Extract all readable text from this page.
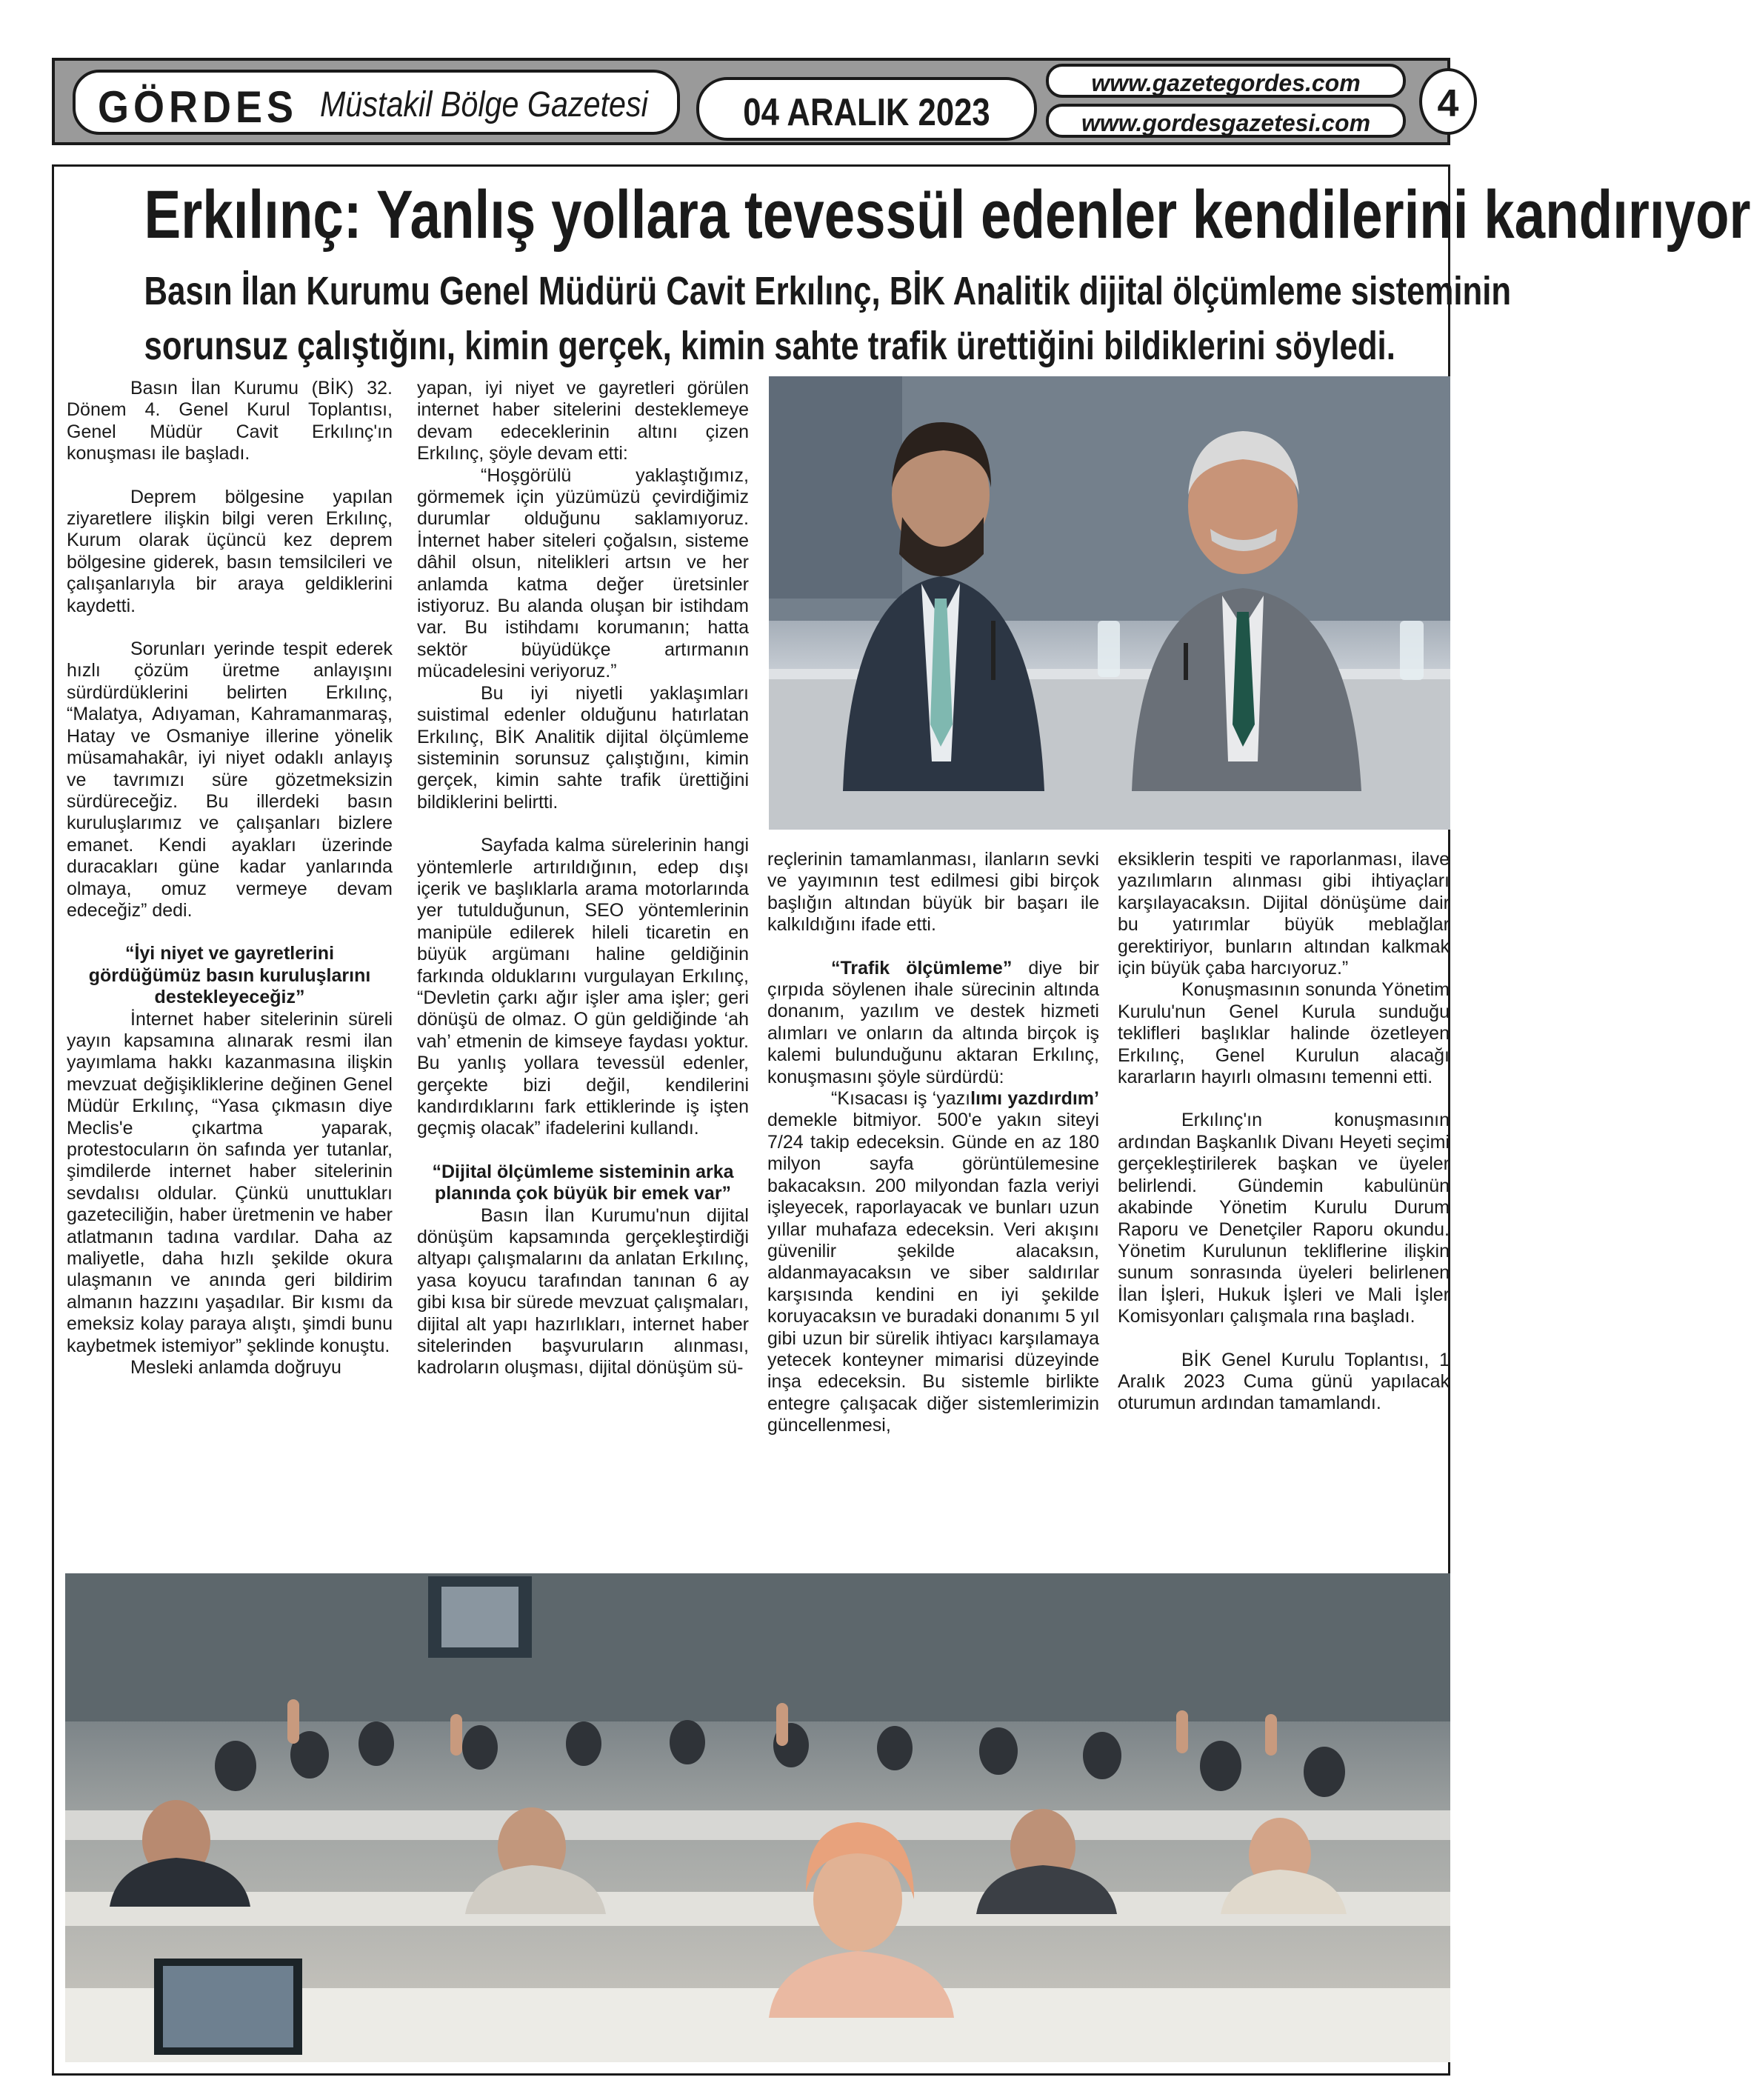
GÖRDES Müstakil Bölge Gazetesi	04 ARALIK 2023
www.gazetegordes.com
www.gordesgazetesi.com	4
Erkılınç: Yanlış yollara tevessül edenler kendilerini kandırıyor
Basın İlan Kurumu Genel Müdürü Cavit Erkılınç, BİK Analitik dijital ölçümleme sisteminin
sorunsuz çalıştığını, kimin gerçek, kimin sahte trafik ürettiğini bildiklerini söyledi.

Basın İlan Kurumu (BİK) 32. Dönem 4. Genel Kurul Toplantısı, Genel Müdür Cavit Erkılınç'ın konuşması ile başladı.

Deprem bölgesine yapılan ziyaretlere ilişkin bilgi veren Erkılınç, Kurum olarak üçüncü kez deprem bölgesine giderek, basın temsilcileri ve çalışanlarıyla bir araya geldiklerini kaydetti.

Sorunları yerinde tespit ederek hızlı çözüm üretme anlayışını sürdürdüklerini belirten Erkılınç, “Malatya, Adıyaman, Kahramanmaraş, Hatay ve Osmaniye illerine yönelik müsamahakâr, iyi niyet odaklı anlayış ve tavrımızı süre gözetmeksizin sürdüreceğiz. Bu illerdeki basın kuruluşlarımız ve çalışanları bizlere emanet. Kendi ayakları üzerinde duracakları güne kadar yanlarında olmaya, omuz vermeye devam edeceğiz” dedi.

“İyi niyet ve gayretlerini gördüğümüz basın kuruluşlarını destekleyeceğiz”

İnternet haber sitelerinin süreli yayın kapsamına alınarak resmi ilan yayımlama hakkı kazanmasına ilişkin mevzuat değişikliklerine değinen Genel Müdür Erkılınç, “Yasa çıkmasın diye Meclis'e çıkartma yaparak, protestocuların ön safında yer tutanlar, şimdilerde internet haber sitelerinin sevdalısı oldular. Çünkü unuttukları gazeteciliğin, haber üretmenin ve haber atlatmanın tadına vardılar. Daha az maliyetle, daha hızlı şekilde okura ulaşmanın ve anında geri bildirim almanın hazzını yaşadılar. Bir kısmı da emeksiz kolay paraya alıştı, şimdi bunu kaybetmek istemiyor” şeklinde konuştu.

Mesleki anlamda doğruyu

yapan, iyi niyet ve gayretleri görülen internet haber sitelerini desteklemeye devam edeceklerinin altını çizen Erkılınç, şöyle devam etti:

“Hoşgörülü yaklaştığımız, görmemek için yüzümüzü çevirdiğimiz durumlar olduğunu saklamıyoruz. İnternet haber siteleri çoğalsın, sisteme dâhil olsun, nitelikleri artsın ve her anlamda katma değer üretsinler istiyoruz. Bu alanda oluşan bir istihdam var. Bu istihdamı korumanın; hatta sektör büyüdükçe artırmanın mücadelesini veriyoruz.”

Bu iyi niyetli yaklaşımları suistimal edenler olduğunu hatırlatan Erkılınç, BİK Analitik dijital ölçümleme sisteminin sorunsuz çalıştığını, kimin gerçek, kimin sahte trafik ürettiğini bildiklerini belirtti.

Sayfada kalma sürelerinin hangi yöntemlerle artırıldığının, edep dışı içerik ve başlıklarla arama motorlarında yer tutulduğunun, SEO yöntemlerinin manipüle edilerek hileli ticaretin en büyük argümanı haline geldiğinin farkında olduklarını vurgulayan Erkılınç, “Devletin çarkı ağır işler ama işler; geri dönüşü de olmaz. O gün geldiğinde ‘ah vah’ etmenin de kimseye faydası yoktur. Bu yanlış yollara tevessül edenler, gerçekte bizi değil, kendilerini kandırdıklarını fark ettiklerinde iş işten geçmiş olacak” ifadelerini kullandı.

“Dijital ölçümleme sisteminin arka planında çok büyük bir emek var”

Basın İlan Kurumu'nun dijital dönüşüm kapsamında gerçekleştirdiği altyapı çalışmalarını da anlatan Erkılınç, yasa koyucu tarafından tanınan 6 ay gibi kısa bir sürede mevzuat çalışmaları, dijital alt yapı hazırlıkları, internet haber sitelerinden başvuruların alınması, kadroların oluşması, dijital dönüşüm sü-

reçlerinin tamamlanması, ilanların sevki ve yayımının test edilmesi gibi birçok başlığın altından büyük bir başarı ile kalkıldığını ifade etti.

“Trafik ölçümleme” diye bir çırpıda söylenen ihale sürecinin altında donanım, yazılım ve destek hizmeti alımları ve onların da altında birçok iş kalemi bulunduğunu aktaran Erkılınç, konuşmasını şöyle sürdürdü:

“Kısacası iş ‘yazılımı yazdırdım’ demekle bitmiyor. 500'e yakın siteyi 7/24 takip edeceksin. Günde en az 180 milyon sayfa görüntülemesine bakacaksın. 200 milyondan fazla veriyi işleyecek, raporlayacak ve bunları uzun yıllar muhafaza edeceksin. Veri akışını güvenilir şekilde alacaksın, aldanmayacaksın ve siber saldırılar karşısında kendini en iyi şekilde koruyacaksın ve buradaki donanımı 5 yıl gibi uzun bir sürelik ihtiyacı karşılamaya yetecek konteyner mimarisi düzeyinde inşa edeceksin. Bu sistemle birlikte entegre çalışacak diğer sistemlerimizin güncellenmesi,

eksiklerin tespiti ve raporlanması, ilave yazılımların alınması gibi ihtiyaçları karşılayacaksın. Dijital dönüşüme dair bu yatırımlar büyük meblağlar gerektiriyor, bunların altından kalkmak için büyük çaba harcıyoruz.”

Konuşmasının sonunda Yönetim Kurulu'nun Genel Kurula sunduğu teklifleri başlıklar halinde özetleyen Erkılınç, Genel Kurulun alacağı kararların hayırlı olmasını temenni etti.

Erkılınç'ın konuşmasının ardından Başkanlık Divanı Heyeti seçimi gerçekleştirilerek başkan ve üyeler belirlendi. Gündemin kabulünün akabinde Yönetim Kurulu Durum Raporu ve Denetçiler Raporu okundu. Yönetim Kurulunun tekliflerine ilişkin sunum sonrasında üyeleri belirlenen İlan İşleri, Hukuk İşleri ve Mali İşler Komisyonları çalışmala rına başladı.

BİK Genel Kurulu Toplantısı, 1 Aralık 2023 Cuma günü yapılacak oturumun ardından tamamlandı.
